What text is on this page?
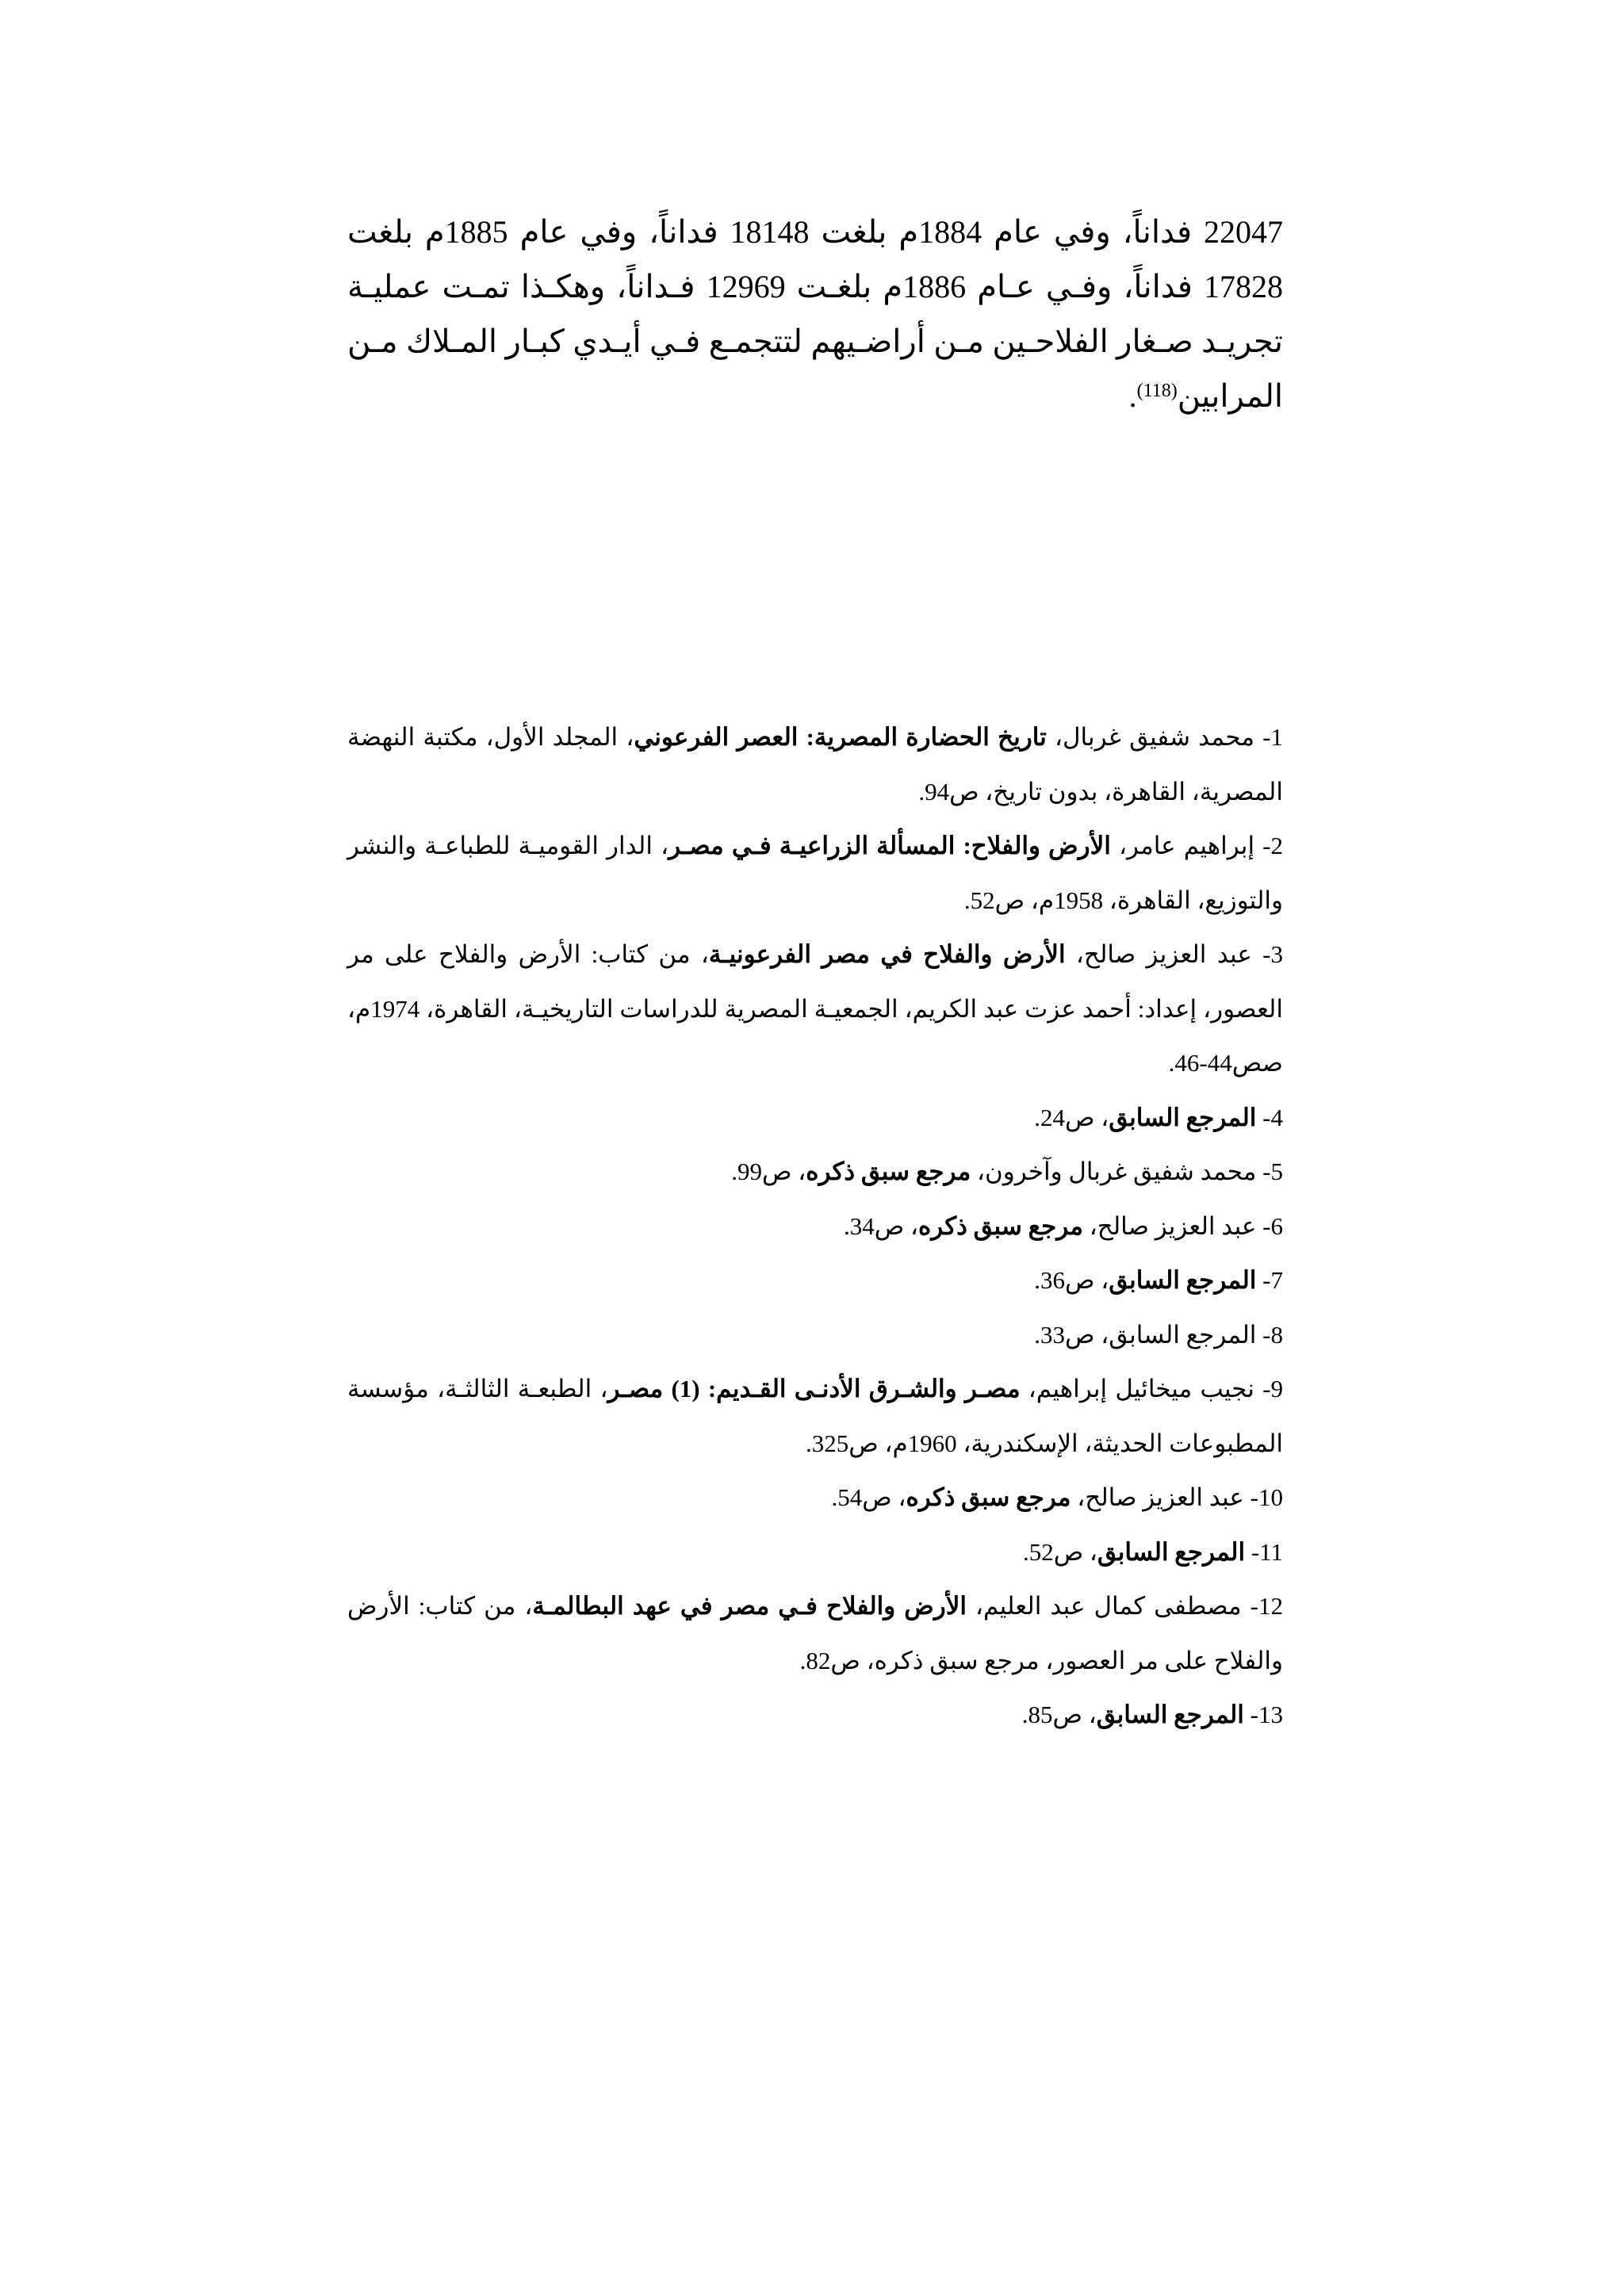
22047 فداناً، وفي عام 1884م بلغت 18148 فداناً، وفي عام 1885م بلغت 17828 فداناً، وفـي عـام 1886م بلغـت 12969 فـداناً، وهكـذا تمـت عمليـة تجريـد صـغار الفلاحـين مـن أراضـيهم لتتجمـع فـي أيـدي كبـار المـلاك مـن المرابين$^{(118)}$.

1- محمد شفيق غربال، تاريخ الحضارة المصرية: العصر الفرعوني، المجلد الأول، مكتبة النهضة المصرية، القاهرة، بدون تاريخ، ص94.

2- إبراهيم عامر، الأرض والفلاح: المسألة الزراعيـة فـي مصـر، الدار القوميـة للطباعـة والنشر والتوزيع، القاهرة، 1958م، ص52.

3- عبد العزيز صالح، الأرض والفلاح في مصر الفرعونيـة، من كتاب: الأرض والفلاح على مر العصور، إعداد: أحمد عزت عبد الكريم، الجمعيـة المصرية للدراسات التاريخيـة، القاهرة، 1974م، صص44-46.

4- المرجع السابق، ص24.

5- محمد شفيق غربال وآخرون، مرجع سبق ذكره، ص99.

6- عبد العزيز صالح، مرجع سبق ذكره، ص34.

7- المرجع السابق، ص36.

8- المرجع السابق، ص33.

9- نجيب ميخائيل إبراهيم، مصـر والشـرق الأدنـى القـديم: (1) مصـر، الطبعـة الثالثـة، مؤسسة المطبوعات الحديثة، الإسكندرية، 1960م، ص325.

10- عبد العزيز صالح، مرجع سبق ذكره، ص54.

11- المرجع السابق، ص52.

12- مصطفى كمال عبد العليم، الأرض والفلاح فـي مصر في عهد البطالمـة، من كتاب: الأرض والفلاح على مر العصور، مرجع سبق ذكره، ص82.

13- المرجع السابق، ص85.
